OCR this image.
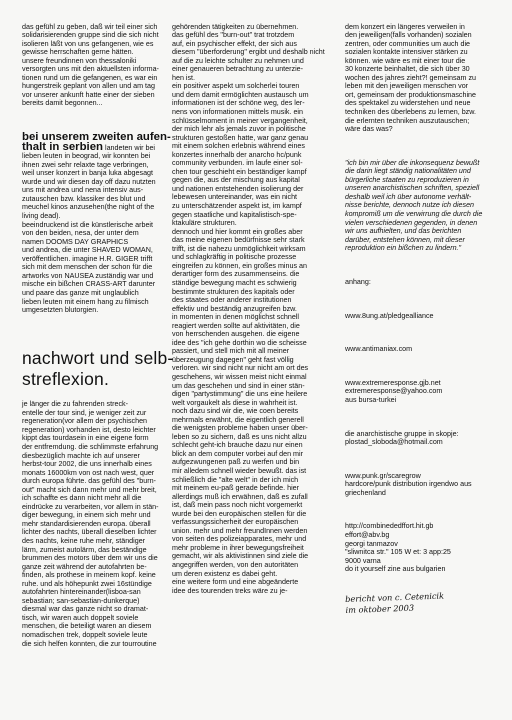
das gefühl zu geben, daß wir teil einer sich
solidarisierenden gruppe sind die sich nicht
isolieren läßt von uns gefangenen, wie es
gewisse herrschaften gerne hätten.
unsere freundinnen von thessaloniki
versorgten uns mit den aktuellsten informa-
tionen rund um die gefangenen, es war ein
hungerstreik geplant von allen und am tag
vor unserer ankunft hatte einer der sieben
bereits damit begonnen...

bei unserem zweiten aufen-
thalt in serbien landeten wir bei
lieben leuten in beograd, wir konnten bei
ihnen zwei sehr relaxte tage verbringen,
weil unser konzert in banja luka abgesagt
wurde und wir diesen day off dazu nutzten
uns mit andrea und nena intensiv aus-
zutauschen bzw. klassiker des blut und
meuchel kinos anzusehen(the night of the
living dead).
beeindruckend ist die künstlerische arbeit
von den beiden, nesa, der unter dem
namen DOOMS DAY GRAPHICS
und andrea, die unter SHAVED WOMAN,
veröffentlichen. imagine H.R. GIGER trifft
sich mit dem menschen der schon für die
artworks von NAUSEA zuständig war und
mische ein bißchen CRASS-ART darunter
und paare das ganze mit unglaublich
lieben leuten mit einem hang zu filmisch
umgesetzten blutorgien.

nachwort und selb-
streflexion.

je länger die zu fahrenden streck-
entelle der tour sind, je weniger zeit zur
regeneration(vor allem der psychischen
regeneration) vorhanden ist, desto leichter
kippt das tourdasein in eine eigene form
der entfremdung. die schlimmste erfahrung
diesbezüglich machte ich auf unserer
herbst-tour 2002, die uns innerhalb eines
monats 16000km von ost nach west, quer
durch europa führte. das gefühl des "burn-
out" macht sich dann mehr und mehr breit,
ich schaffte es dann nicht mehr all die
eindrücke zu verarbeiten, vor allem in stän-
diger bewegung, in einem sich mehr und
mehr standardisierenden europa. überall
lichter des nachts, überall dieselben lichter
des nachts, keine ruhe mehr, ständiger
lärm, zumeist autolärm, das beständige
brummen des motors über dem wir uns die
ganze zeit während der autofahrten be-
finden, als prothese in meinem kopf. keine
ruhe. und als höhepunkt zwei 16stündige
autofahrten hintereinander(lisboa-san
sebastian; san-sebastian-dunkerque)
diesmal war das ganze nicht so dramat-
tisch, wir waren auch doppelt soviele
menschen, die beteiligt waren an diesem
nomadischen trek, doppelt soviele leute
die sich helfen konnten, die zur tourroutine

gehörenden tätigkeiten zu übernehmen.
das gefühl des "burn-out" trat trotzdem
auf, ein psychischer effekt, der sich aus
diesem "überforderung" ergibt und deshalb nicht
auf die zu leichte schulter zu nehmen und
einer genaueren betrachtung zu unterzie-
hen ist.
ein positiver aspekt um solcherlei touren
und dem damit ermöglichten austausch um
informationen ist der schöne weg, des ler-
nens von informationen mittels musik. ein
schlüsselmoment in meiner vergangenheit,
der mich lehr als jemals zuvor in politische
strukturen gestoßen hatte, war ganz genau
mit einem solchen erlebnis während eines
konzertes innerhalb der anarcho hc/punk
community verbunden. im laufe einer sol-
chen tour geschieht ein beständiger kampf
gegen die, aus der mischung aus kapital
und nationen entstehenden isolierung der
lebewesen untereinander, was ein nicht
zu unterschätzender aspekt ist, im kampf
gegen staatliche und kapitalistisch-spe-
ktakuläre strukturen.
dennoch und hier kommt ein großes aber
das meine eigenen bedürfnisse sehr stark
trifft, ist die nahezu unmöglichkeit wirksam
und schlagkräftig in politische prozesse
eingreifen zu können, ein großes minus an
derartiger form des zusammenseins. die
ständige bewegung macht es schwierig
bestimmte strukturen des kapitals oder
des staates oder anderer institutionen
effektiv und beständig anzugreifen bzw.
in momenten in denen möglichst schnell
reagiert werden sollte auf aktivitäten, die
von herrschenden ausgehen. die eigene
idee des "ich gehe dorthin wo die scheisse
passiert, und stell mich mit all meiner
überzeugung dagegen" geht fast völlig
verloren. wir sind nicht nur nicht am ort des
geschehens, wir wissen meist nicht einmal
um das geschehen und sind in einer stän-
digen "partystimmung" die uns eine heilere
welt vorgaukelt als diese in wahrheit ist.
noch dazu sind wir die, wie coen bereits
mehrmals erwähnt, die eigentlich generell
die wenigsten probleme haben unser über-
leben so zu sichern, daß es uns nicht allzu
schlecht geht-ich brauche dazu nur einen
blick an dem computer vorbei auf den mir
aufgezwungenen paß zu werfen und bin
mir alledem schnell wieder bewußt. das ist
schließlich die "alte welt" in der ich mich
mit meinem eu-paß gerade befinde. hier
allerdings muß ich erwähnen, daß es zufall
ist, daß mein pass noch nicht vorgemerkt
wurde bei den europäischen stellen für die
verfassungssicherheit der europäischen
union. mehr und mehr freundInnen werden
von seiten des polizeiapparates, mehr und
mehr probleme in ihrer bewegungsfreiheit
gemacht, wir als aktivistinnen sind ziele die
angegriffen werden, von den autoritäten
um deren existenz es dabei geht.
eine weitere form und eine abgeänderte
idee des tourenden treks wäre zu je-

dem konzert ein längeres verweilen in
den jeweiligen(falls vorhanden) sozialen
zentren, oder communities um auch die
sozialen kontakte intensiver stärken zu
können. wie wäre es mit einer tour die
30 konzerte beinhaltet, die sich über 30
wochen des jahres zieht?! gemeinsam zu
leben mit den jeweiligen menschen vor
ort, gemeinsam der produktionsmaschine
des spektakel zu widerstehen und neue
techniken des überlebens zu lernen, bzw.
die erlernten techniken auszutauschen;
wäre das was?

"ich bin mir über die inkonsequenz bewußt
die darin liegt ständig nationalitäten und
bürgerliche staaten zu reproduzieren in
unseren anarchistischen schriften, speziell
deshalb weil ich über autonome verhält-
nisse berichte, dennoch nutze ich diesen
kompromiß um die verwirrung die durch die
vielen verschiedenen gegenden, in denen
wir uns aufhielten, und das berichten
darüber, entstehen können, mit dieser
reproduktion ein bißchen zu lindern."

anhang:

www.8ung.at/pledgealliance

www.antimaniax.com

www.extremeresponse.gjb.net
extremeresponse@yahoo.com
aus bursa-turkei

die anarchistische gruppe in skopje:
plostad_sloboda@hotmail.com

www.punk.gr/scaregrow
hardcore/punk distribution irgendwo aus
griechenland

http://combinededffort.hit.gb
effort@abv.bg
georgi tanmazov
"sliwnitca str." 105 W et: 3 app:25
9000 varna
do it yourself zine aus bulgarien

bericht von c. Cetenicik
im oktober 2003
